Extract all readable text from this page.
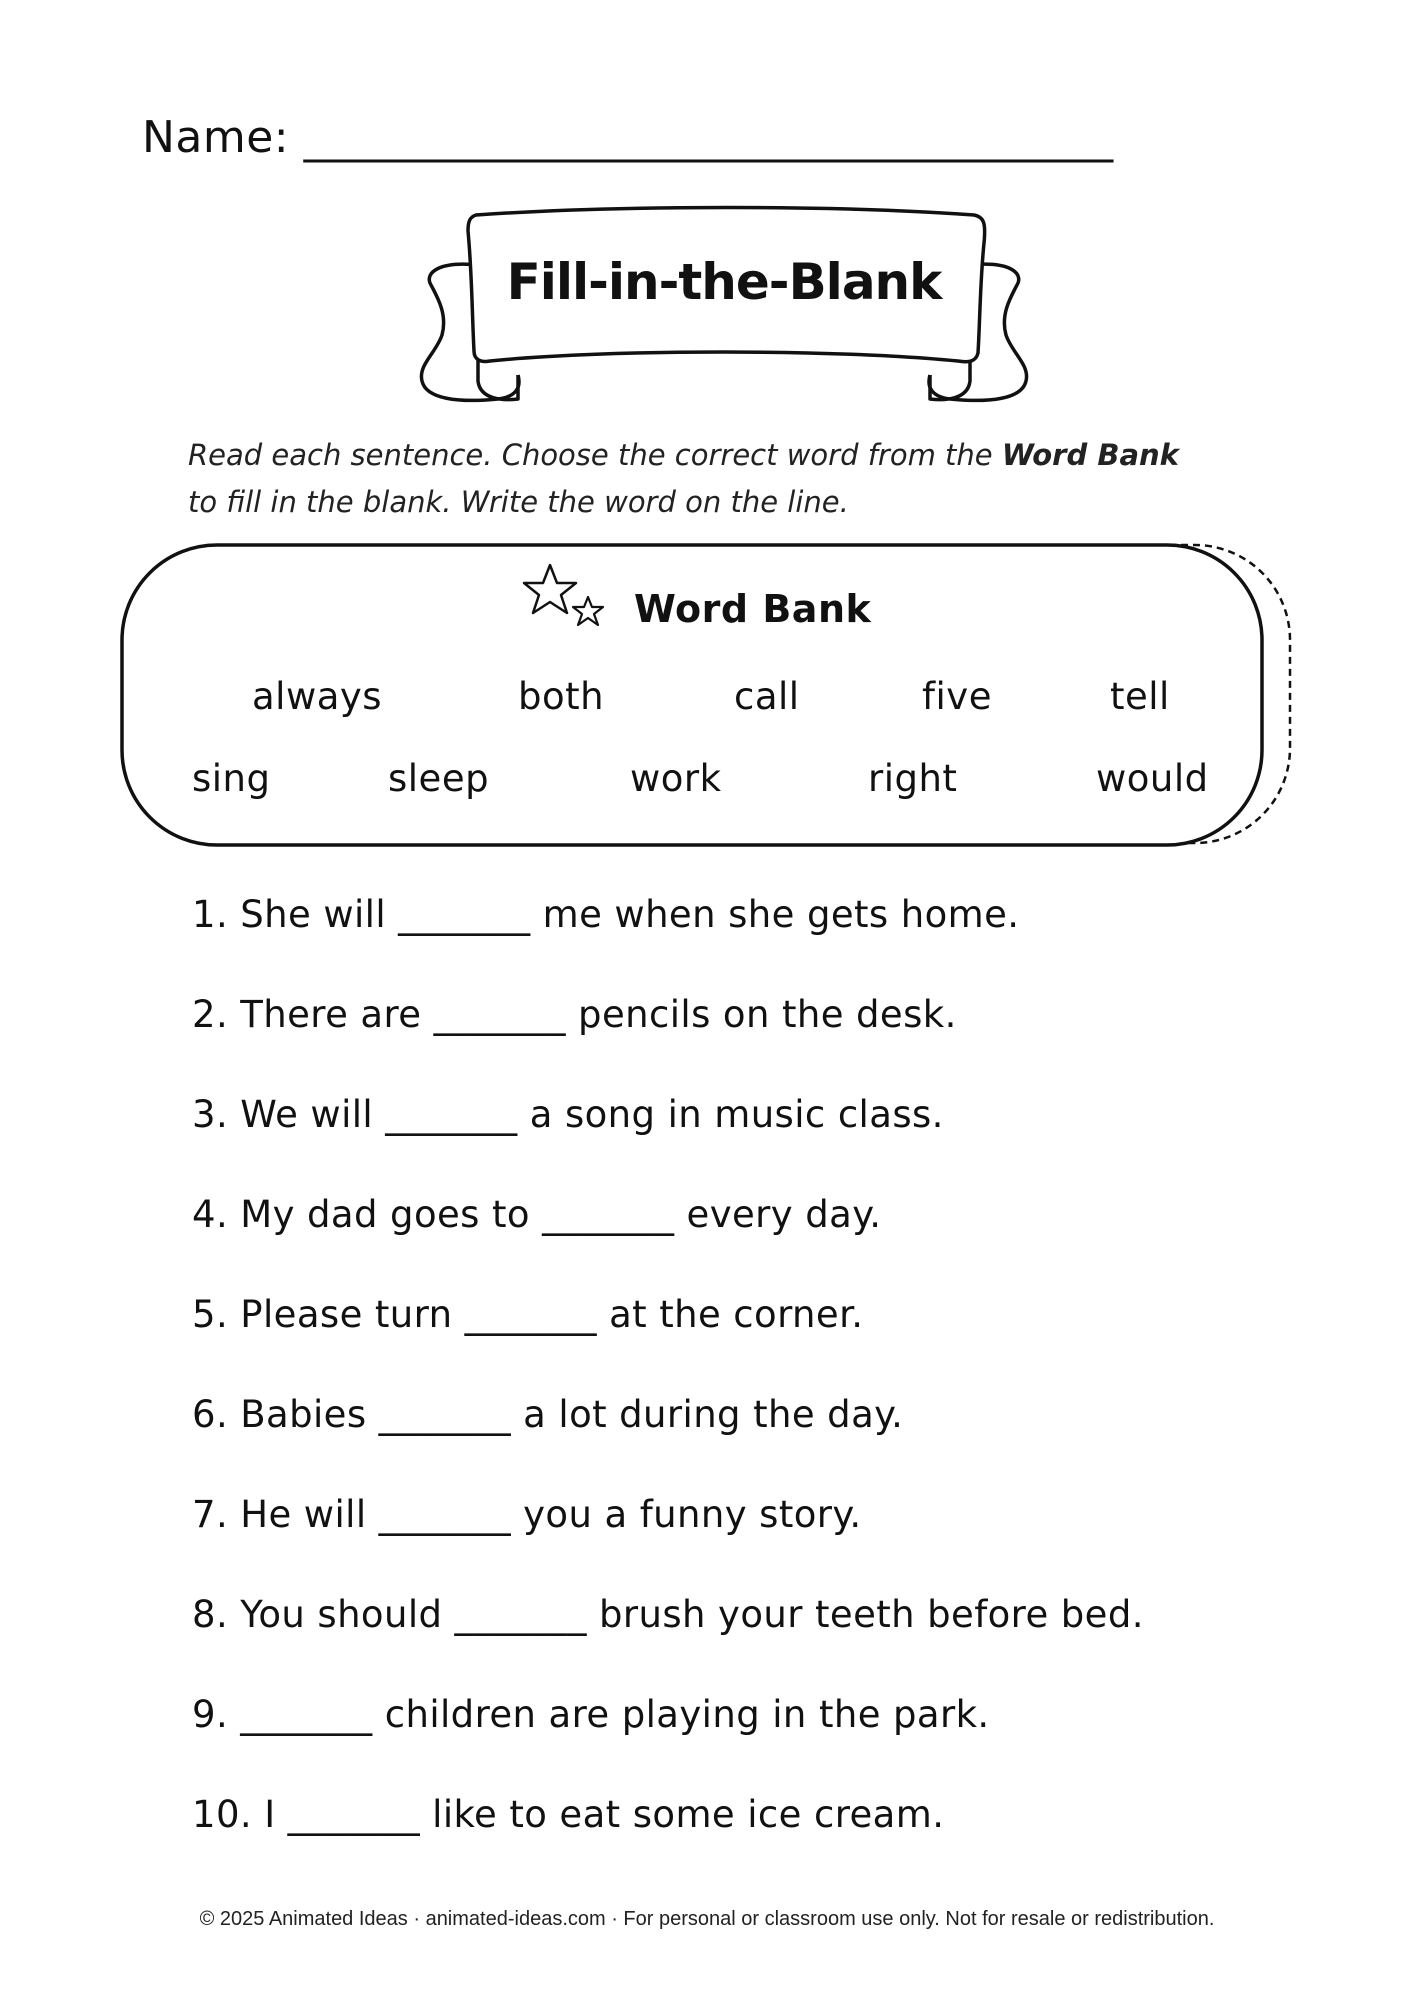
Name: ____________________________________
Fill-in-the-Blank
Read each sentence. Choose the correct word from the Word Bank
to fill in the blank. Write the word on the line.
Word Bank
always	both	call	five	tell
sing	sleep	work	right	would
1. She will _______ me when she gets home.
2. There are _______ pencils on the desk.
3. We will _______ a song in music class.
4. My dad goes to _______ every day.
5. Please turn _______ at the corner.
6. Babies _______ a lot during the day.
7. He will _______ you a funny story.
8. You should _______ brush your teeth before bed.
9. _______ children are playing in the park.
10. I _______ like to eat some ice cream.
© 2025 Animated Ideas · animated-ideas.com · For personal or classroom use only. Not for resale or redistribution.
